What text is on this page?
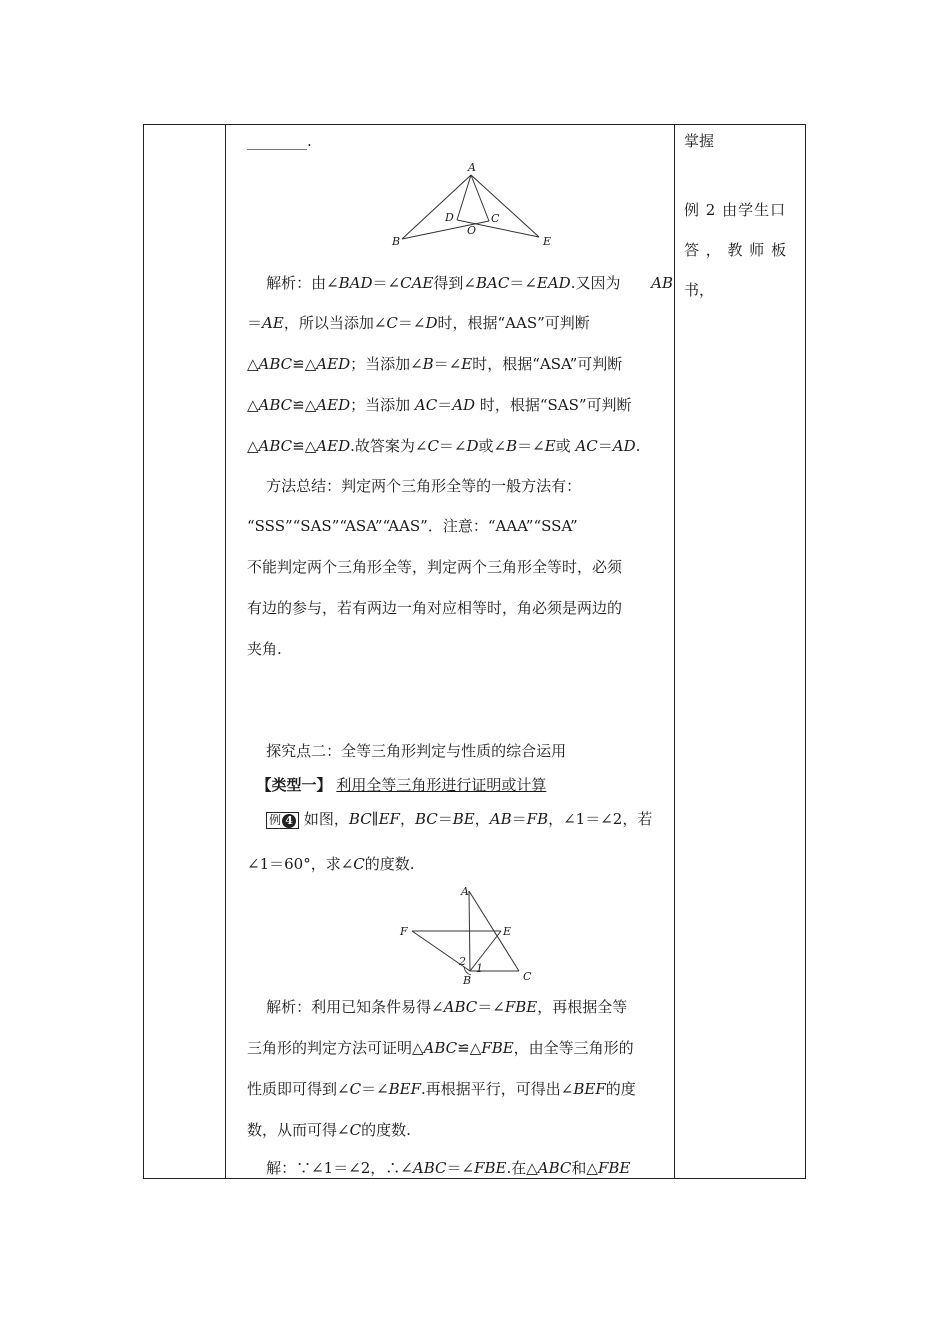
________.
A
B
C
D
E
O
解析：由∠BAD＝∠CAE得到∠BAC＝∠EAD.又因为 AB
＝AE，所以当添加∠C＝∠D时，根据“AAS”可判断
△ABC≌△AED；当添加∠B＝∠E时，根据“ASA”可判断
△ABC≌△AED；当添加 AC＝AD 时，根据“SAS”可判断
△ABC≌△AED.故答案为∠C＝∠D或∠B＝∠E或 AC＝AD.
方法总结：判定两个三角形全等的一般方法有：
“SSS”“SAS”“ASA”“AAS”．注意：“AAA”“SSA”
不能判定两个三角形全等，判定两个三角形全等时，必须
有边的参与，若有两边一角对应相等时，角必须是两边的
夹角.
探究点二：全等三角形判定与性质的综合运用
【类型一】 利用全等三角形进行证明或计算
例 4 如图，BC∥EF，BC＝BE，AB＝FB，∠1＝∠2，若
∠1＝60°，求∠C的度数.
A
E
F
B	C
1
2
解析：利用已知条件易得∠ABC＝∠FBE，再根据全等
三角形的判定方法可证明△ABC≌△FBE，由全等三角形的
性质即可得到∠C＝∠BEF.再根据平行，可得出∠BEF的度
数，从而可得∠C的度数.
解：∵∠1＝∠2，∴∠ABC＝∠FBE.在△ABC和△FBE
掌握
例 2 由学生口
答 ， 教 师 板
书，
